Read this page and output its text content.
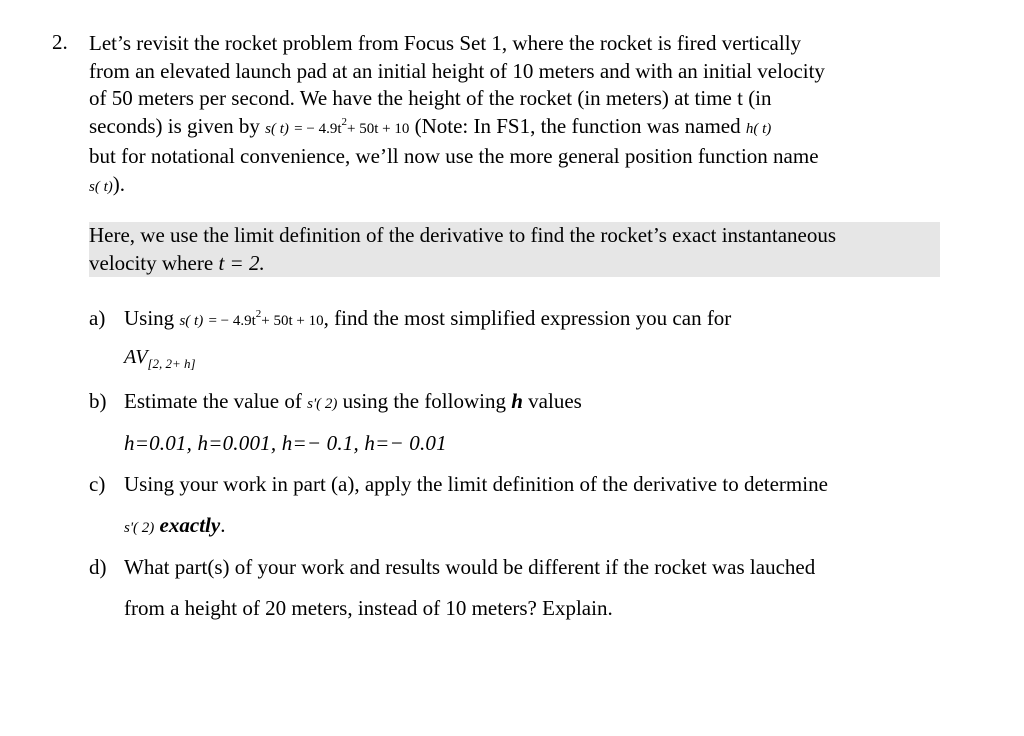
2. Let’s revisit the rocket problem from Focus Set 1, where the rocket is fired vertically
from an elevated launch pad at an initial height of 10 meters and with an initial velocity
of 50 meters per second. We have the height of the rocket (in meters) at time t (in
seconds) is given by s( t) = − $4.9t^2+ 50t + 10$ (Note: In FS1, the function was named h( t)
but for notational convenience, we’ll now use the more general position function name
s( t)).

Here, we use the limit definition of the derivative to find the rocket’s exact instantaneous
velocity where t = 2.

a) Using s( t) = − $4.9t^2+ 50t + 10$, find the most simplified expression you can for
$AV_{[2, 2+ h]}$
b) Estimate the value of s'( 2) using the following h values
h=0.01, h=0.001, h=− 0.1, h=− 0.01
c) Using your work in part (a), apply the limit definition of the derivative to determine
s'( 2) exactly.
d) What part(s) of your work and results would be different if the rocket was lauched
from a height of 20 meters, instead of 10 meters? Explain.
